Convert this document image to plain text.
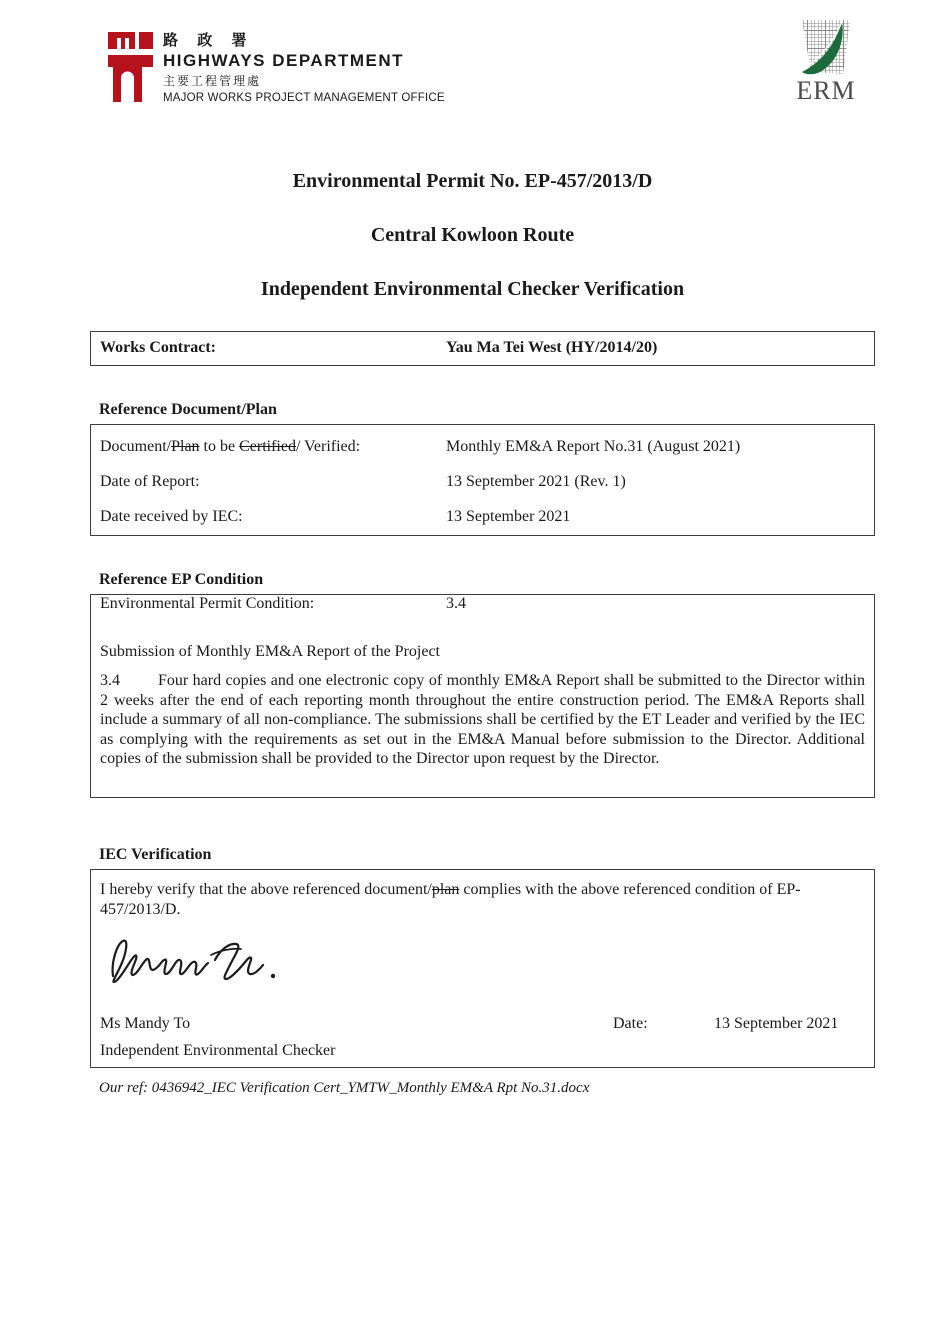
路 政 署
HIGHWAYS DEPARTMENT
主要工程管理處
MAJOR WORKS PROJECT MANAGEMENT OFFICE	ERM
Environmental Permit No. EP-457/2013/D
Central Kowloon Route
Independent Environmental Checker Verification
Works Contract:	Yau Ma Tei West (HY/2014/20)
Reference Document/Plan
Document/Plan to be Certified/ Verified:	Monthly EM&A Report No.31 (August 2021)
Date of Report:	13 September 2021 (Rev. 1)
Date received by IEC:	13 September 2021
Reference EP Condition
Environmental Permit Condition:	3.4
Submission of Monthly EM&A Report of the Project
3.4 Four hard copies and one electronic copy of monthly EM&A Report shall be submitted to the Director within 2 weeks after the end of each reporting month throughout the entire construction period. The EM&A Reports shall include a summary of all non-compliance. The submissions shall be certified by the ET Leader and verified by the IEC as complying with the requirements as set out in the EM&A Manual before submission to the Director. Additional copies of the submission shall be provided to the Director upon request by the Director.
IEC Verification
I hereby verify that the above referenced document/plan complies with the above referenced condition of EP-457/2013/D.
Ms Mandy To	Date:	13 September 2021
Independent Environmental Checker
Our ref: 0436942_IEC Verification Cert_YMTW_Monthly EM&A Rpt No.31.docx
